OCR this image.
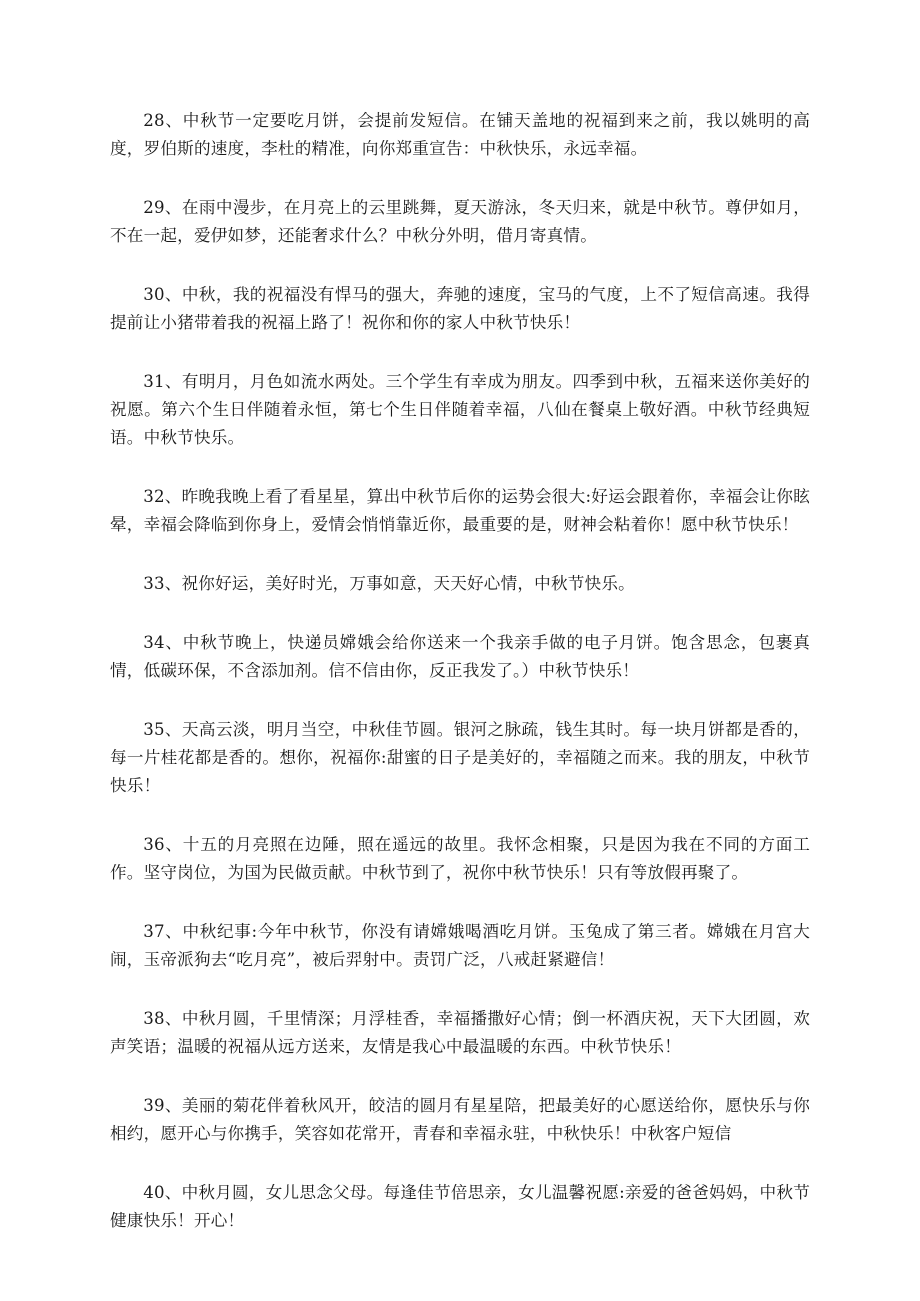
28、中秋节一定要吃月饼，会提前发短信。在铺天盖地的祝福到来之前，我以姚明的高度，罗伯斯的速度，李杜的精准，向你郑重宣告：中秋快乐，永远幸福。

29、在雨中漫步，在月亮上的云里跳舞，夏天游泳，冬天归来，就是中秋节。尊伊如月，不在一起，爱伊如梦，还能奢求什么？中秋分外明，借月寄真情。

30、中秋，我的祝福没有悍马的强大，奔驰的速度，宝马的气度，上不了短信高速。我得提前让小猪带着我的祝福上路了！祝你和你的家人中秋节快乐！

31、有明月，月色如流水两处。三个学生有幸成为朋友。四季到中秋，五福来送你美好的祝愿。第六个生日伴随着永恒，第七个生日伴随着幸福，八仙在餐桌上敬好酒。中秋节经典短语。中秋节快乐。

32、昨晚我晚上看了看星星，算出中秋节后你的运势会很大:好运会跟着你，幸福会让你眩晕，幸福会降临到你身上，爱情会悄悄靠近你，最重要的是，财神会粘着你！愿中秋节快乐！

33、祝你好运，美好时光，万事如意，天天好心情，中秋节快乐。

34、中秋节晚上，快递员嫦娥会给你送来一个我亲手做的电子月饼。饱含思念，包裹真情，低碳环保，不含添加剂。信不信由你，反正我发了。）中秋节快乐！

35、天高云淡，明月当空，中秋佳节圆。银河之脉疏，钱生其时。每一块月饼都是香的，每一片桂花都是香的。想你，祝福你:甜蜜的日子是美好的，幸福随之而来。我的朋友，中秋节快乐！

36、十五的月亮照在边陲，照在遥远的故里。我怀念相聚，只是因为我在不同的方面工作。坚守岗位，为国为民做贡献。中秋节到了，祝你中秋节快乐！只有等放假再聚了。

37、中秋纪事:今年中秋节，你没有请嫦娥喝酒吃月饼。玉兔成了第三者。嫦娥在月宫大闹，玉帝派狗去“吃月亮”，被后羿射中。责罚广泛，八戒赶紧避信！

38、中秋月圆，千里情深；月浮桂香，幸福播撒好心情；倒一杯酒庆祝，天下大团圆，欢声笑语；温暖的祝福从远方送来，友情是我心中最温暖的东西。中秋节快乐！

39、美丽的菊花伴着秋风开，皎洁的圆月有星星陪，把最美好的心愿送给你，愿快乐与你相约，愿开心与你携手，笑容如花常开，青春和幸福永驻，中秋快乐！中秋客户短信

40、中秋月圆，女儿思念父母。每逢佳节倍思亲，女儿温馨祝愿:亲爱的爸爸妈妈，中秋节健康快乐！开心！
